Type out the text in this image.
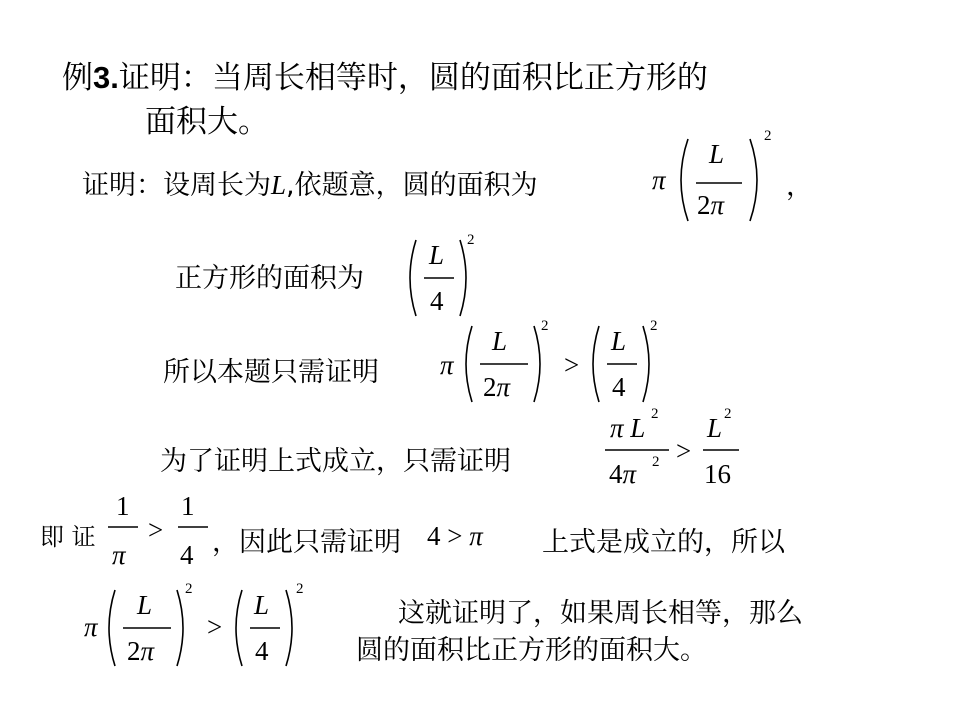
例3.证明：当周长相等时，圆的面积比正方形的
面积大。
证明：设周长为L,依题意，圆的面积为	π
L
2π
2
，
正方形的面积为
L
4
2
所以本题只需证明 π
L
2π
2
>
L
4
2
为了证明上式成立，只需证明
π L 2
4π 2 >
L 2
16
即 证
1
π
>
1
4 ，因此只需证明 4 > π 上式是成立的，所以
π
L
2π
2
>
L
4
2
这就证明了，如果周长相等，那么
圆的面积比正方形的面积大。
